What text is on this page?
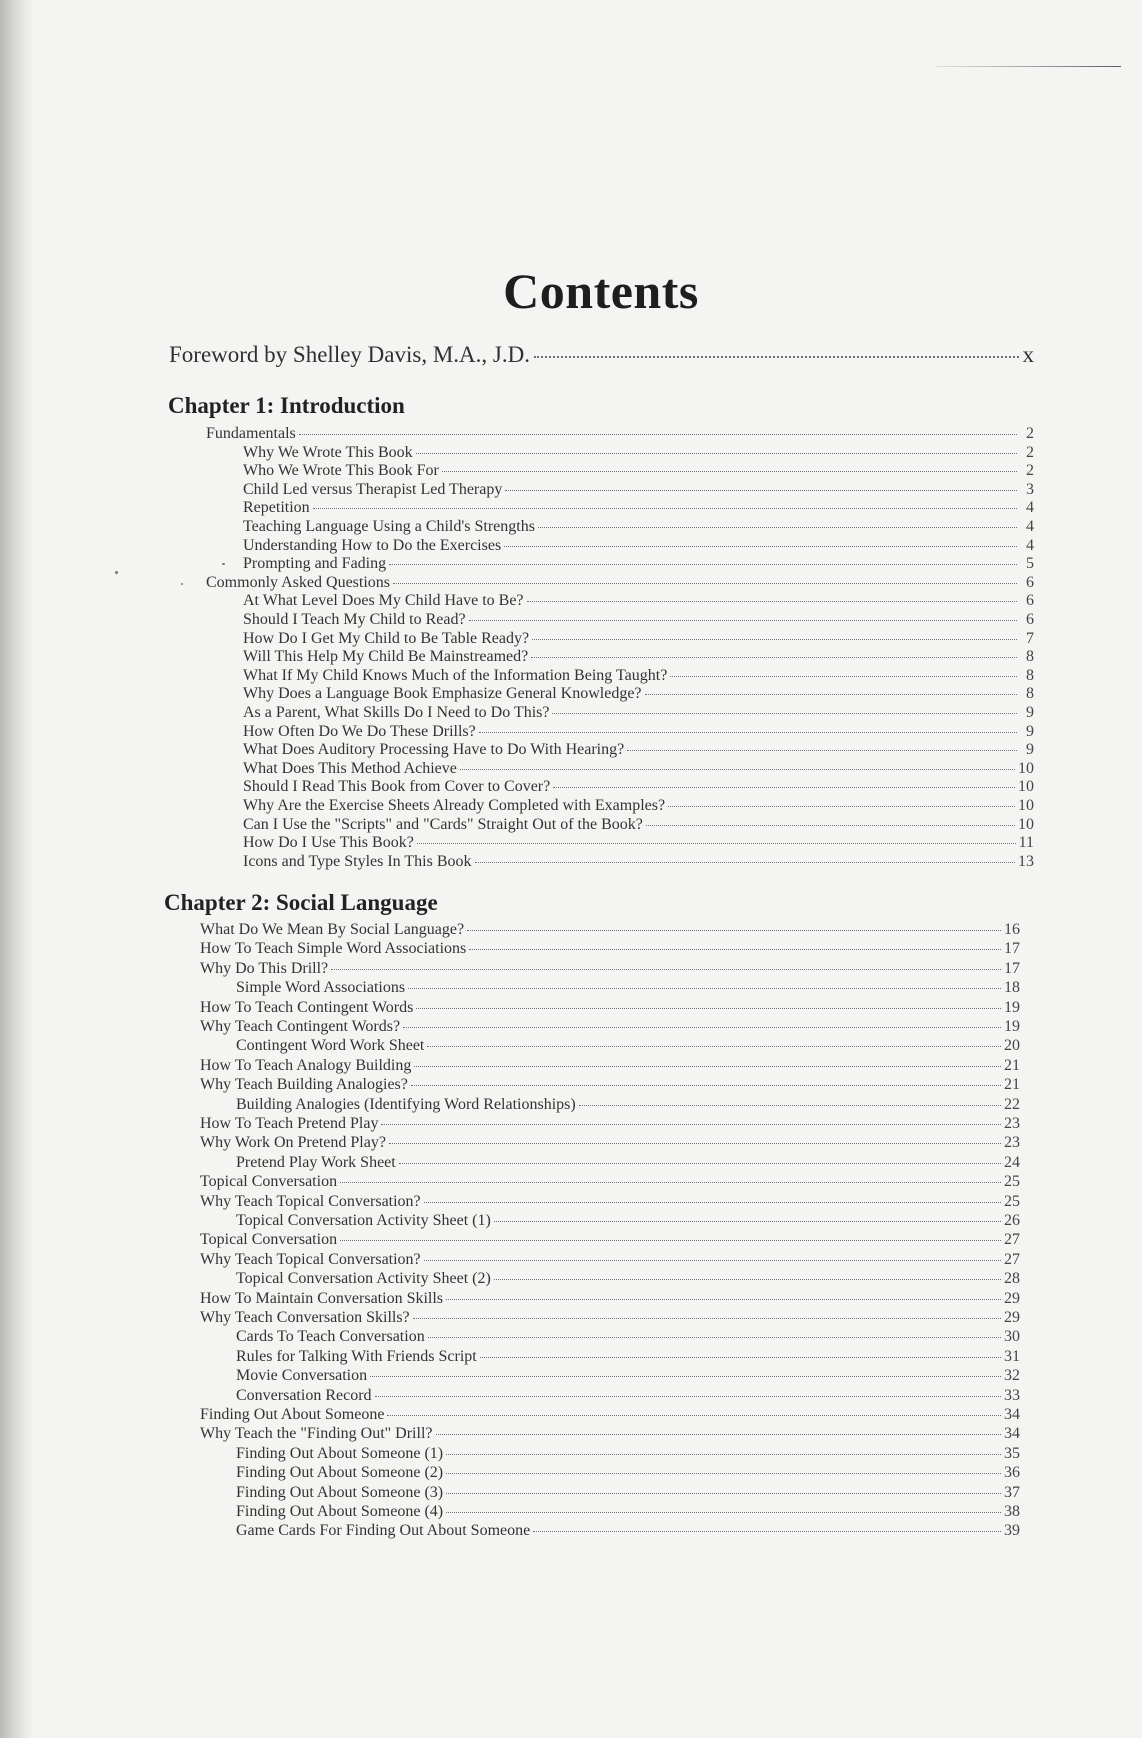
Contents
Foreword by Shelley Davis, M.A., J.D.	x
Chapter 1: Introduction
Fundamentals	2
Why We Wrote This Book	2
Who We Wrote This Book For	2
Child Led versus Therapist Led Therapy	3
Repetition	4
Teaching Language Using a Child's Strengths	4
Understanding How to Do the Exercises	4
Prompting and Fading	5
Commonly Asked Questions	6
At What Level Does My Child Have to Be?	6
Should I Teach My Child to Read?	6
How Do I Get My Child to Be Table Ready?	7
Will This Help My Child Be Mainstreamed?	8
What If My Child Knows Much of the Information Being Taught?	8
Why Does a Language Book Emphasize General Knowledge?	8
As a Parent, What Skills Do I Need to Do This?	9
How Often Do We Do These Drills?	9
What Does Auditory Processing Have to Do With Hearing?	9
What Does This Method Achieve	10
Should I Read This Book from Cover to Cover?	10
Why Are the Exercise Sheets Already Completed with Examples?	10
Can I Use the "Scripts" and "Cards" Straight Out of the Book?	10
How Do I Use This Book?	11
Icons and Type Styles In This Book	13
Chapter 2: Social Language
What Do We Mean By Social Language?	16
How To Teach Simple Word Associations	17
Why Do This Drill?	17
Simple Word Associations	18
How To Teach Contingent Words	19
Why Teach Contingent Words?	19
Contingent Word Work Sheet	20
How To Teach Analogy Building	21
Why Teach Building Analogies?	21
Building Analogies (Identifying Word Relationships)	22
How To Teach Pretend Play	23
Why Work On Pretend Play?	23
Pretend Play Work Sheet	24
Topical Conversation	25
Why Teach Topical Conversation?	25
Topical Conversation Activity Sheet (1)	26
Topical Conversation	27
Why Teach Topical Conversation?	27
Topical Conversation Activity Sheet (2)	28
How To Maintain Conversation Skills	29
Why Teach Conversation Skills?	29
Cards To Teach Conversation	30
Rules for Talking With Friends Script	31
Movie Conversation	32
Conversation Record	33
Finding Out About Someone	34
Why Teach the "Finding Out" Drill?	34
Finding Out About Someone (1)	35
Finding Out About Someone (2)	36
Finding Out About Someone (3)	37
Finding Out About Someone (4)	38
Game Cards For Finding Out About Someone	39
